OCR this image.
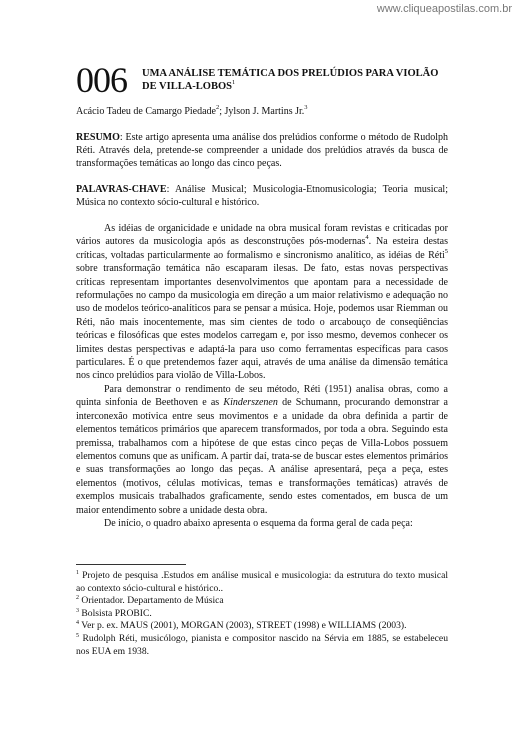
www.cliqueapostilas.com.br
006 UMA ANÁLISE TEMÁTICA DOS PRELÚDIOS PARA VIOLÃO DE VILLA-LOBOS$^1$
Acácio Tadeu de Camargo Piedade$^2$; Jylson J. Martins Jr.$^3$
RESUMO: Este artigo apresenta uma análise dos prelúdios conforme o método de Rudolph Réti. Através dela, pretende-se compreender a unidade dos prelúdios através da busca de transformações temáticas ao longo das cinco peças.
PALAVRAS-CHAVE: Análise Musical; Musicologia-Etnomusicologia; Teoria musical; Música no contexto sócio-cultural e histórico.

As idéias de organicidade e unidade na obra musical foram revistas e criticadas por vários autores da musicologia após as desconstruções pós-modernas$^4$. Na esteira destas críticas, voltadas particularmente ao formalismo e sincronismo analítico, as idéias de Réti$^5$ sobre transformação temática não escaparam ilesas. De fato, estas novas perspectivas críticas representam importantes desenvolvimentos que apontam para a necessidade de reformulações no campo da musicologia em direção a um maior relativismo e adequação no uso de modelos teórico-analíticos para se pensar a música. Hoje, podemos usar Riemman ou Réti, não mais inocentemente, mas sim cientes de todo o arcabouço de conseqüências teóricas e filosóficas que estes modelos carregam e, por isso mesmo, devemos conhecer os limites destas perspectivas e adaptá-la para uso como ferramentas específicas para casos particulares. É o que pretendemos fazer aqui, através de uma análise da dimensão temática nos cinco prelúdios para violão de Villa-Lobos.

Para demonstrar o rendimento de seu método, Réti (1951) analisa obras, como a quinta sinfonia de Beethoven e as Kinderszenen de Schumann, procurando demonstrar a interconexão motívica entre seus movimentos e a unidade da obra definida a partir de elementos temáticos primários que aparecem transformados, por toda a obra. Seguindo esta premissa, trabalhamos com a hipótese de que estas cinco peças de Villa-Lobos possuem elementos comuns que as unificam. A partir daí, trata-se de buscar estes elementos primários e suas transformações ao longo das peças. A análise apresentará, peça a peça, estes elementos (motivos, células motívicas, temas e transformações temáticas) através de exemplos musicais trabalhados graficamente, sendo estes comentados, em busca de um maior entendimento sobre a unidade desta obra.

De início, o quadro abaixo apresenta o esquema da forma geral de cada peça:

$^1$ Projeto de pesquisa .Estudos em análise musical e musicologia: da estrutura do texto musical ao contexto sócio-cultural e histórico..

$^2$ Orientador. Departamento de Música

$^3$ Bolsista PROBIC.

$^4$ Ver p. ex. MAUS (2001), MORGAN (2003), STREET (1998) e WILLIAMS (2003).

$^5$ Rudolph Réti, musicólogo, pianista e compositor nascido na Sérvia em 1885, se estabeleceu nos EUA em 1938.
